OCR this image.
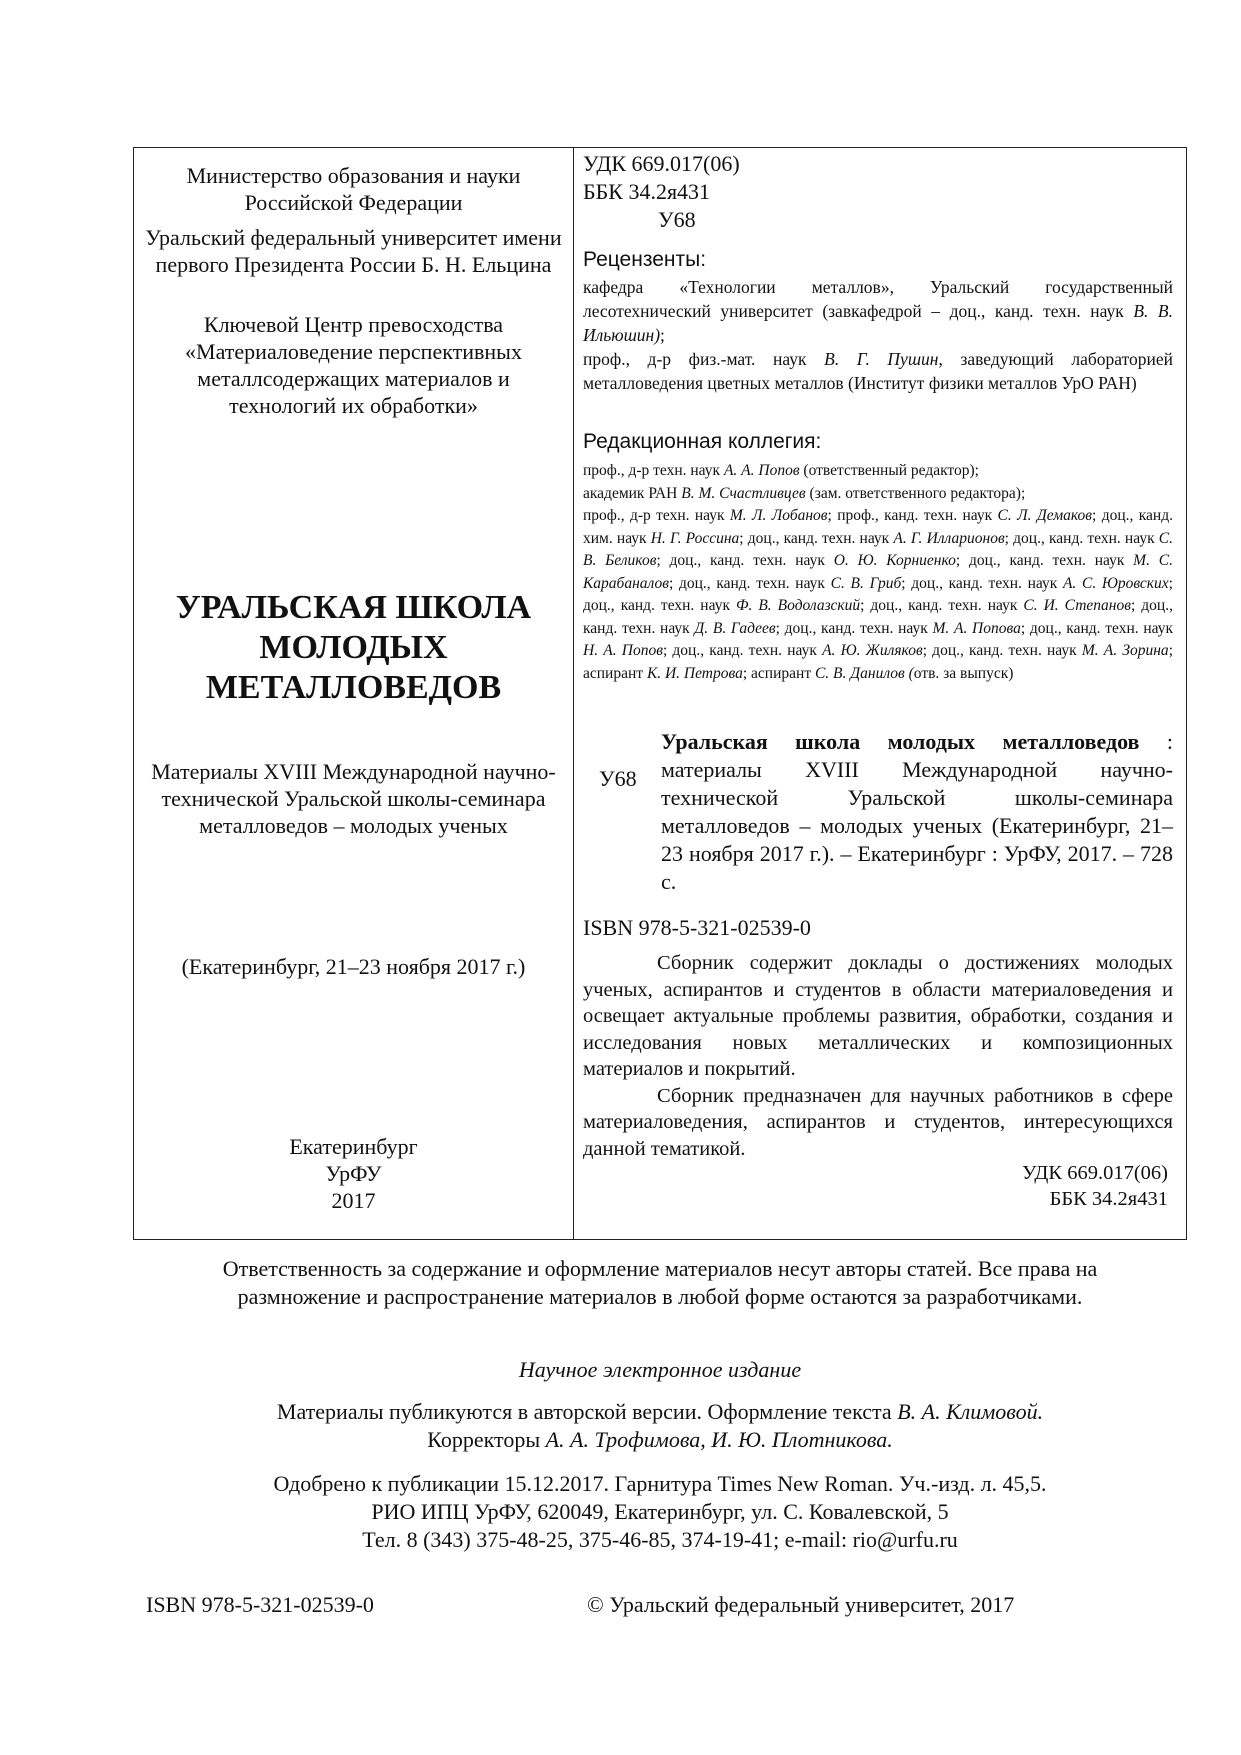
Министерство образования и науки Российской Федерации
Уральский федеральный университет имени первого Президента России Б. Н. Ельцина
Ключевой Центр превосходства «Материаловедение перспективных металлсодержащих материалов и технологий их обработки»
УРАЛЬСКАЯ ШКОЛА МОЛОДЫХ МЕТАЛЛОВЕДОВ
Материалы XVIII Международной научно-технической Уральской школы-семинара металловедов – молодых ученых
(Екатеринбург, 21–23 ноября 2017 г.)
Екатеринбург
УрФУ
2017
УДК 669.017(06)
ББК 34.2я431
У68
Рецензенты:

кафедра «Технологии металлов», Уральский государственный лесотехнический университет (завкафедрой – доц., канд. техн. наук В. В. Ильюшин);

проф., д-р физ.-мат. наук В. Г. Пушин, заведующий лабораторией металловедения цветных металлов (Институт физики металлов УрО РАН)

Редакционная коллегия:

проф., д-р техн. наук А. А. Попов (ответственный редактор);

академик РАН В. М. Счастливцев (зам. ответственного редактора);

проф., д-р техн. наук М. Л. Лобанов; проф., канд. техн. наук С. Л. Демаков; доц., канд. хим. наук Н. Г. Россина; доц., канд. техн. наук А. Г. Илларионов; доц., канд. техн. наук С. В. Беликов; доц., канд. техн. наук О. Ю. Корниенко; доц., канд. техн. наук М. С. Карабаналов; доц., канд. техн. наук С. В. Гриб; доц., канд. техн. наук А. С. Юровских; доц., канд. техн. наук Ф. В. Водолазский; доц., канд. техн. наук С. И. Степанов; доц., канд. техн. наук Д. В. Гадеев; доц., канд. техн. наук М. А. Попова; доц., канд. техн. наук Н. А. Попов; доц., канд. техн. наук А. Ю. Жиляков; доц., канд. техн. наук М. А. Зорина; аспирант К. И. Петрова; аспирант С. В. Данилов (отв. за выпуск)

У68
Уральская школа молодых металловедов : материалы XVIII Международной научно-технической Уральской школы-семинара металловедов – молодых ученых (Екатеринбург, 21–23 ноября 2017 г.). – Екатеринбург : УрФУ, 2017. – 728 с.
ISBN 978-5-321-02539-0

Сборник содержит доклады о достижениях молодых ученых, аспирантов и студентов в области материаловедения и освещает актуальные проблемы развития, обработки, создания и исследования новых металлических и композиционных материалов и покрытий.

Сборник предназначен для научных работников в сфере материаловедения, аспирантов и студентов, интересующихся данной тематикой.

УДК 669.017(06)
ББК 34.2я431
Ответственность за содержание и оформление материалов несут авторы статей. Все права на размножение и распространение материалов в любой форме остаются за разработчиками.
Научное электронное издание
Материалы публикуются в авторской версии. Оформление текста В. А. Климовой.
Корректоры А. А. Трофимова, И. Ю. Плотникова.
Одобрено к публикации 15.12.2017. Гарнитура Times New Roman. Уч.-изд. л. 45,5.
РИО ИПЦ УрФУ, 620049, Екатеринбург, ул. С. Ковалевской, 5
Тел. 8 (343) 375-48-25, 375-46-85, 374-19-41; e-mail: rio@urfu.ru
ISBN 978-5-321-02539-0	© Уральский федеральный университет, 2017
